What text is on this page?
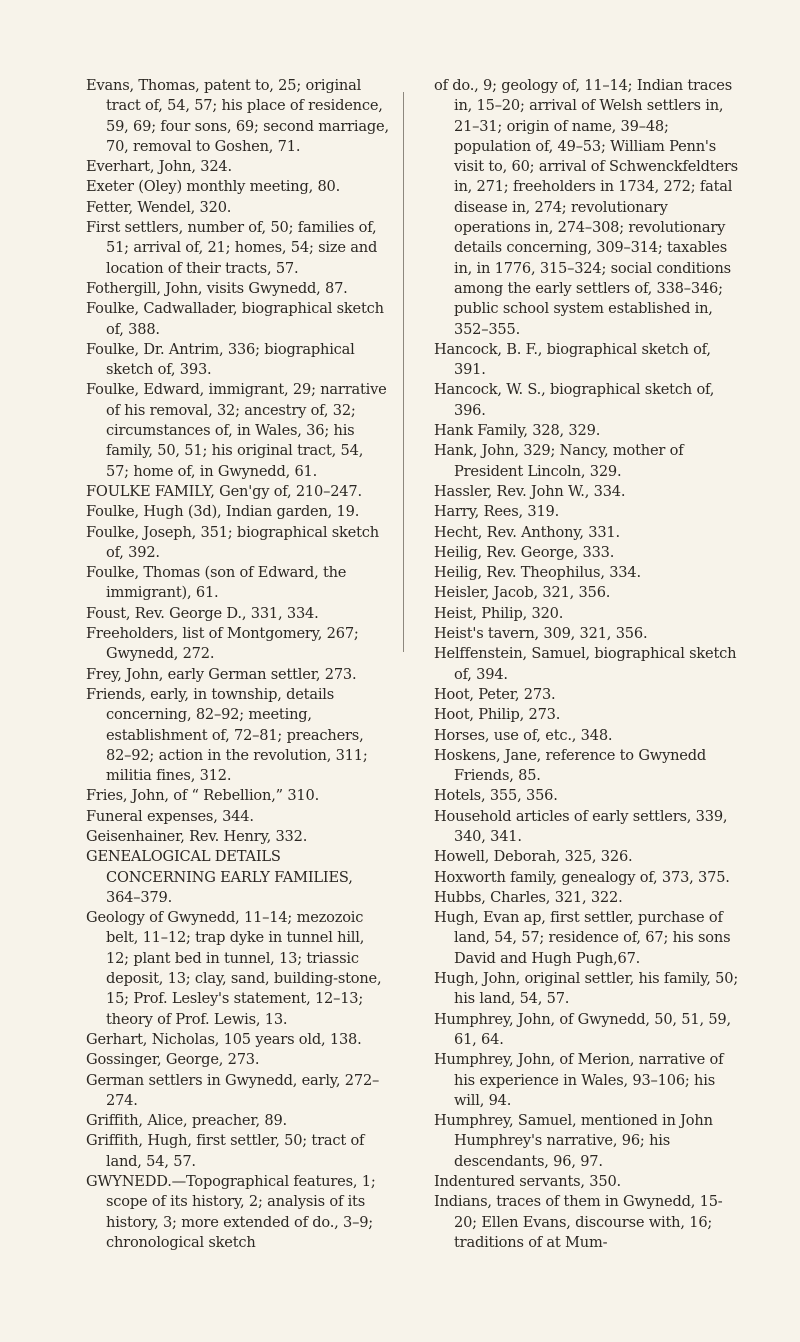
Evans, Thomas, patent to, 25; original tract of, 54, 57; his place of residence, 59, 69; four sons, 69; second marriage, 70, removal to Goshen, 71.

Everhart, John, 324.

Exeter (Oley) monthly meeting, 80.

Fetter, Wendel, 320.

First settlers, number of, 50; families of, 51; arrival of, 21; homes, 54; size and location of their tracts, 57.

Fothergill, John, visits Gwynedd, 87.

Foulke, Cadwallader, biographical sketch of, 388.

Foulke, Dr. Antrim, 336; biographical sketch of, 393.

Foulke, Edward, immigrant, 29; narrative of his removal, 32; ancestry of, 32; circumstances of, in Wales, 36; his family, 50, 51; his original tract, 54, 57; home of, in Gwynedd, 61.

FOULKE FAMILY, Gen'gy of, 210–247.

Foulke, Hugh (3d), Indian garden, 19.

Foulke, Joseph, 351; biographical sketch of, 392.

Foulke, Thomas (son of Edward, the immigrant), 61.

Foust, Rev. George D., 331, 334.

Freeholders, list of Montgomery, 267; Gwynedd, 272.

Frey, John, early German settler, 273.

Friends, early, in township, details concerning, 82–92; meeting, establishment of, 72–81; preachers, 82–92; action in the revolution, 311; militia fines, 312.

Fries, John, of “ Rebellion,” 310.

Funeral expenses, 344.

Geisenhainer, Rev. Henry, 332.

GENEALOGICAL DETAILS CONCERNING EARLY FAMILIES, 364–379.

Geology of Gwynedd, 11–14; mezozoic belt, 11–12; trap dyke in tunnel hill, 12; plant bed in tunnel, 13; triassic deposit, 13; clay, sand, building-stone, 15; Prof. Lesley's statement, 12–13; theory of Prof. Lewis, 13.

Gerhart, Nicholas, 105 years old, 138.

Gossinger, George, 273.

German settlers in Gwynedd, early, 272–274.

Griffith, Alice, preacher, 89.

Griffith, Hugh, first settler, 50; tract of land, 54, 57.

GWYNEDD.—Topographical features, 1; scope of its history, 2; analysis of its history, 3; more extended of do., 3–9; chronological sketch

of do., 9; geology of, 11–14; Indian traces in, 15–20; arrival of Welsh settlers in, 21–31; origin of name, 39–48; population of, 49–53; William Penn's visit to, 60; arrival of Schwenckfeldters in, 271; freeholders in 1734, 272; fatal disease in, 274; revolutionary operations in, 274–308; revolutionary details concerning, 309–314; taxables in, in 1776, 315–324; social conditions among the early settlers of, 338–346; public school system established in, 352–355.

Hancock, B. F., biographical sketch of, 391.

Hancock, W. S., biographical sketch of, 396.

Hank Family, 328, 329.

Hank, John, 329; Nancy, mother of President Lincoln, 329.

Hassler, Rev. John W., 334.

Harry, Rees, 319.

Hecht, Rev. Anthony, 331.

Heilig, Rev. George, 333.

Heilig, Rev. Theophilus, 334.

Heisler, Jacob, 321, 356.

Heist, Philip, 320.

Heist's tavern, 309, 321, 356.

Helffenstein, Samuel, biographical sketch of, 394.

Hoot, Peter, 273.

Hoot, Philip, 273.

Horses, use of, etc., 348.

Hoskens, Jane, reference to Gwynedd Friends, 85.

Hotels, 355, 356.

Household articles of early settlers, 339, 340, 341.

Howell, Deborah, 325, 326.

Hoxworth family, genealogy of, 373, 375.

Hubbs, Charles, 321, 322.

Hugh, Evan ap, first settler, purchase of land, 54, 57; residence of, 67; his sons David and Hugh Pugh,67.

Hugh, John, original settler, his family, 50; his land, 54, 57.

Humphrey, John, of Gwynedd, 50, 51, 59, 61, 64.

Humphrey, John, of Merion, narrative of his experience in Wales, 93–106; his will, 94.

Humphrey, Samuel, mentioned in John Humphrey's narrative, 96; his descendants, 96, 97.

Indentured servants, 350.

Indians, traces of them in Gwynedd, 15-20; Ellen Evans, discourse with, 16; traditions of at Mum-
